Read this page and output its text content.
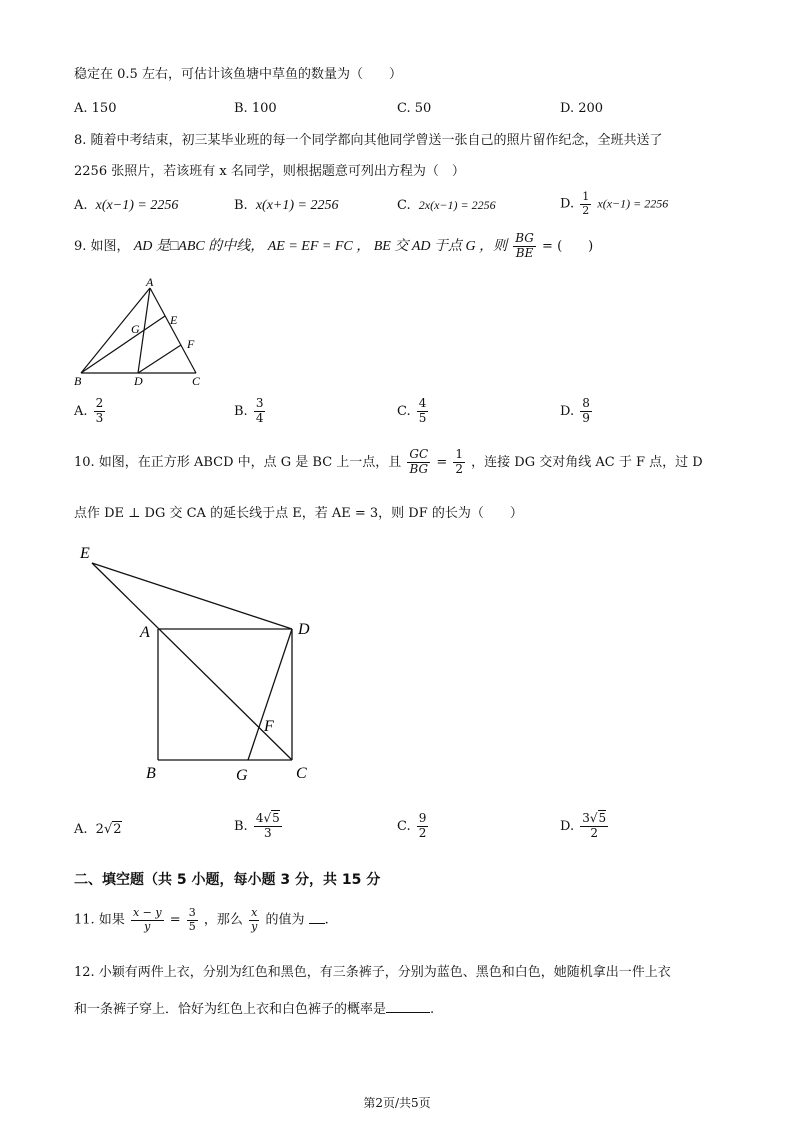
稳定在 0.5 左右，可估计该鱼塘中草鱼的数量为（　　）
A. 150	B. 100	C. 50	D. 200
8. 随着中考结束，初三某毕业班的每一个同学都向其他同学曾送一张自己的照片留作纪念，全班共送了
2256 张照片，若该班有 x 名同学，则根据题意可列出方程为（　）
A. x(x−1) = 2256	B. x(x+1) = 2256	C. 2x(x−1) = 2256	D. $\frac{1}{2} x(x-1) = 2256$
9. 如图， AD 是□ABC 的中线， AE = EF = FC ， BE 交 AD 于点 G ，则 $\frac{BG}{BE}$ = (　　)
A
B	C
D
E
F
G
A. $\frac{2}{3}$	B. $\frac{3}{4}$	C. $\frac{4}{5}$	D. $\frac{8}{9}$
10. 如图，在正方形 ABCD 中，点 G 是 BC 上一点，且 $\frac{GC}{BG} = \frac{1}{2}$ ，连接 DG 交对角线 AC 于 F 点，过 D
点作 DE ⊥ DG 交 CA 的延长线于点 E，若 AE = 3，则 DF 的长为（　　）
E
A	D
B	G	C
F
A. 2√2	B. $\frac{4√5}{3}$	C. $\frac{9}{2}$	D. $\frac{3√5}{2}$
二、填空题（共 5 小题，每小题 3 分，共 15 分
11. 如果 $\frac{x - y}{y} = \frac{3}{5}$ ，那么 $\frac{x}{y}$ 的值为 .
12. 小颖有两件上衣，分别为红色和黑色，有三条裤子，分别为蓝色、黑色和白色，她随机拿出一件上衣
和一条裤子穿上．恰好为红色上衣和白色裤子的概率是	.
第2页/共5页
